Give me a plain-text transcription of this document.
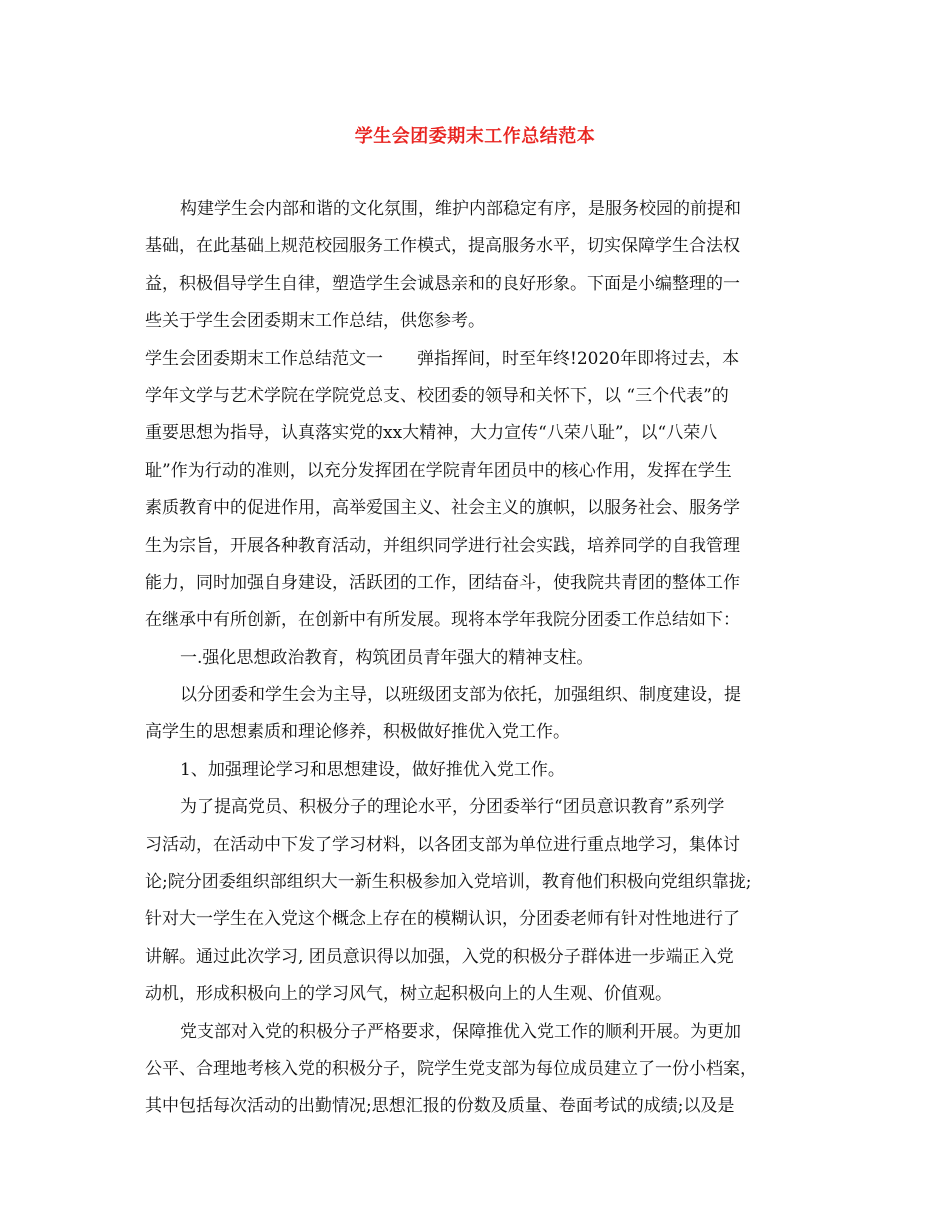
学生会团委期末工作总结范本
构建学生会内部和谐的文化氛围，维护内部稳定有序，是服务校园的前提和
基础，在此基础上规范校园服务工作模式，提高服务水平，切实保障学生合法权
益，积极倡导学生自律，塑造学生会诚恳亲和的良好形象。下面是小编整理的一
些关于学生会团委期末工作总结，供您参考。
学生会团委期末工作总结范文一　　弹指挥间，时至年终!2020年即将过去，本
学年文学与艺术学院在学院党总支、校团委的领导和关怀下，以 “三个代表”的
重要思想为指导，认真落实党的xx大精神，大力宣传“八荣八耻”，以“八荣八
耻”作为行动的准则，以充分发挥团在学院青年团员中的核心作用，发挥在学生
素质教育中的促进作用，高举爱国主义、社会主义的旗帜，以服务社会、服务学
生为宗旨，开展各种教育活动，并组织同学进行社会实践，培养同学的自我管理
能力，同时加强自身建设，活跃团的工作，团结奋斗，使我院共青团的整体工作
在继承中有所创新，在创新中有所发展。现将本学年我院分团委工作总结如下：
一.强化思想政治教育，构筑团员青年强大的精神支柱。
以分团委和学生会为主导，以班级团支部为依托，加强组织、制度建设，提
高学生的思想素质和理论修养，积极做好推优入党工作。
1、加强理论学习和思想建设，做好推优入党工作。
为了提高党员、积极分子的理论水平，分团委举行“团员意识教育”系列学
习活动，在活动中下发了学习材料，以各团支部为单位进行重点地学习，集体讨
论;院分团委组织部组织大一新生积极参加入党培训，教育他们积极向党组织靠拢;
针对大一学生在入党这个概念上存在的模糊认识，分团委老师有针对性地进行了
讲解。通过此次学习, 团员意识得以加强，入党的积极分子群体进一步端正入党
动机，形成积极向上的学习风气，树立起积极向上的人生观、价值观。
党支部对入党的积极分子严格要求，保障推优入党工作的顺利开展。为更加
公平、合理地考核入党的积极分子，院学生党支部为每位成员建立了一份小档案，
其中包括每次活动的出勤情况;思想汇报的份数及质量、卷面考试的成绩;以及是
